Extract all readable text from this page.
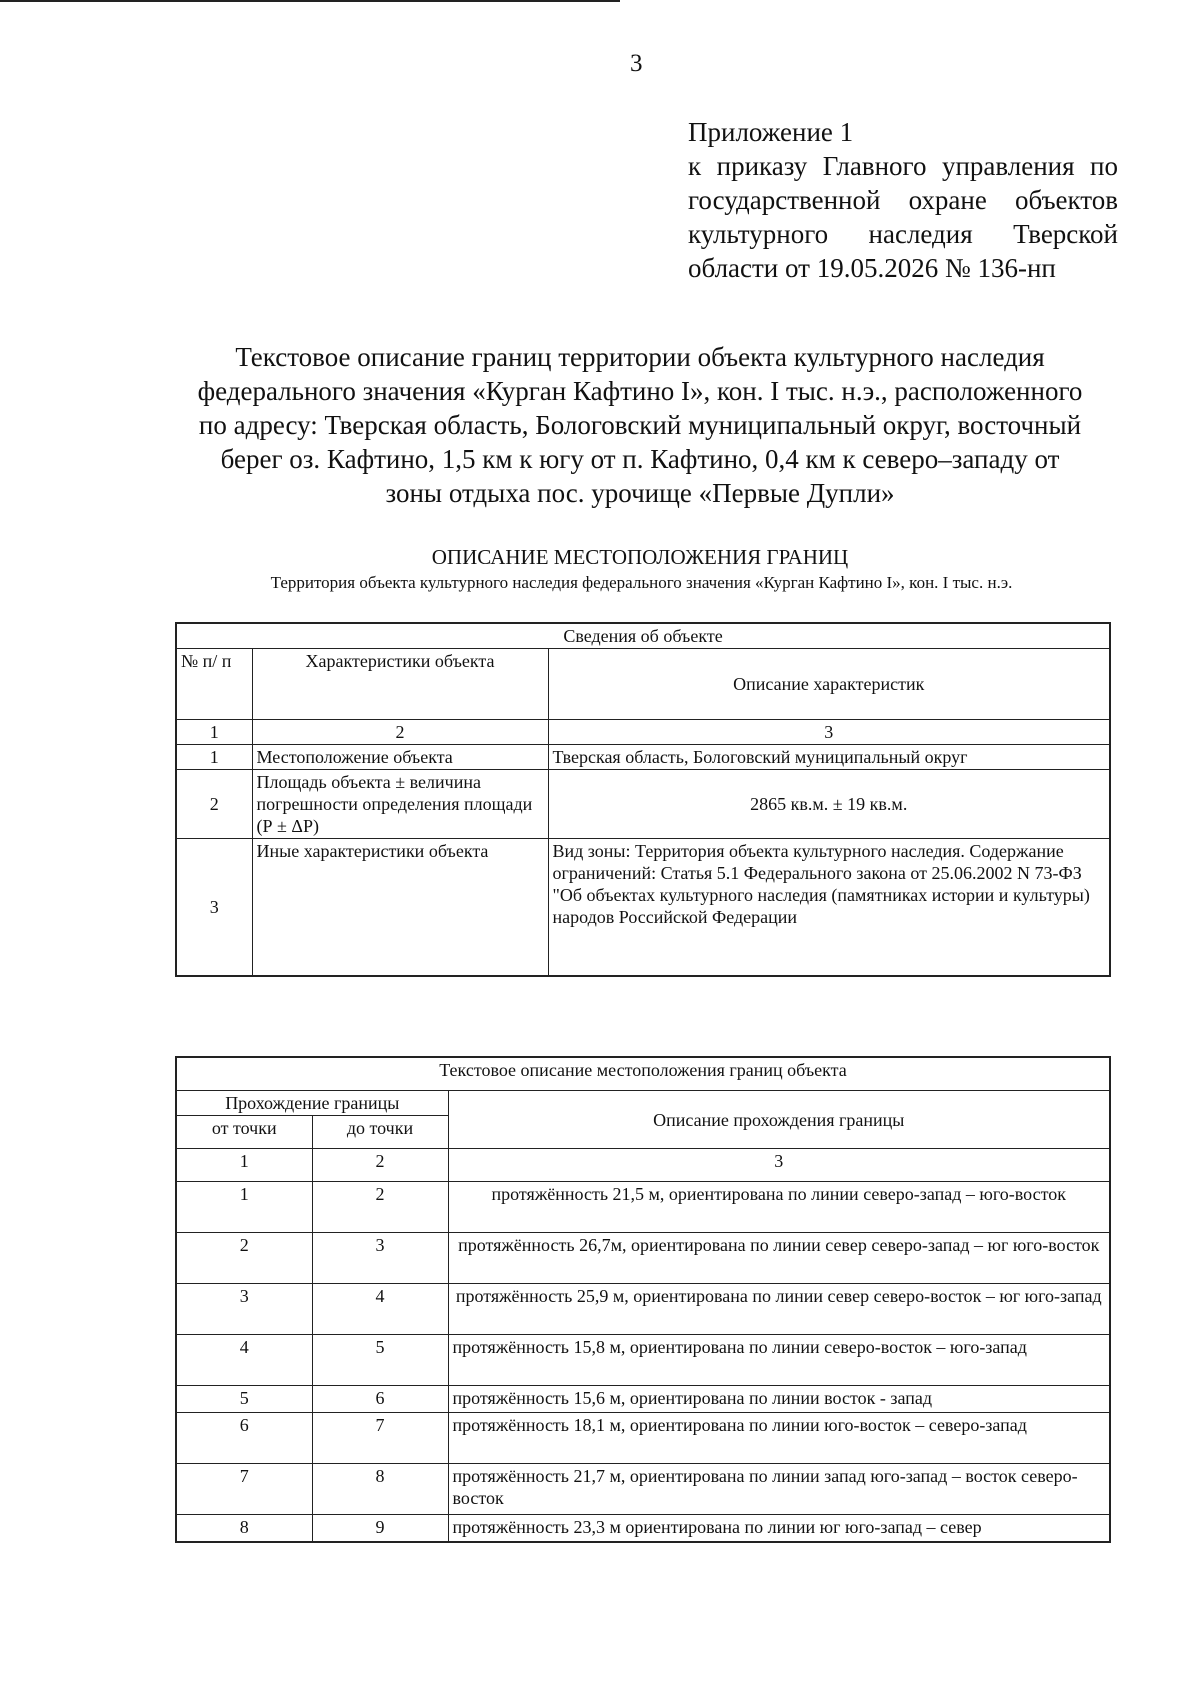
3
Приложение 1
к приказу Главного управления по
государственной охране объектов
культурного наследия Тверской
области от 19.05.2026 № 136-нп
Текстовое описание границ территории объекта культурного наследия
федерального значения «Курган Кафтино I», кон. I тыс. н.э., расположенного
по адресу: Тверская область, Бологовский муниципальный округ, восточный
берег оз. Кафтино, 1,5 км к югу от п. Кафтино, 0,4 км к северо–западу от
зоны отдыха пос. урочище «Первые Дупли»
ОПИСАНИЕ МЕСТОПОЛОЖЕНИЯ ГРАНИЦ
Территория объекта культурного наследия федерального значения «Курган Кафтино I», кон. I тыс. н.э.
Сведения об объекте		
№ п/ п	Характеристики объекта	Описание характеристик
1	2	3
1	Местоположение объекта	Тверская область, Бологовский муниципальный округ
2	Площадь объекта ± величина погрешности определения площади (Р ± ΔР)	2865 кв.м. ± 19 кв.м.
3	Иные характеристики объекта	Вид зоны: Территория объекта культурного наследия. Содержание ограничений: Статья 5.1 Федерального закона от 25.06.2002 N 73-ФЗ "Об объектах культурного наследия (памятниках истории и культуры) народов Российской Федерации
Текстовое описание местоположения границ объекта		
Прохождение границы		Описание прохождения границы
от точки	до точки	
1	2	3
1	2	протяжённость 21,5 м, ориентирована по линии северо-запад – юго-восток
2	3	протяжённость 26,7м, ориентирована по линии север северо-запад – юг юго-восток
3	4	протяжённость 25,9 м, ориентирована по линии север северо-восток – юг юго-запад
4	5	протяжённость 15,8 м, ориентирована по линии северо-восток – юго-запад
5	6	протяжённость 15,6 м, ориентирована по линии восток - запад
6	7	протяжённость 18,1 м, ориентирована по линии юго-восток – северо-запад
7	8	протяжённость 21,7 м, ориентирована по линии запад юго-запад – восток северо-восток
8	9	протяжённость 23,3 м ориентирована по линии юг юго-запад – север
